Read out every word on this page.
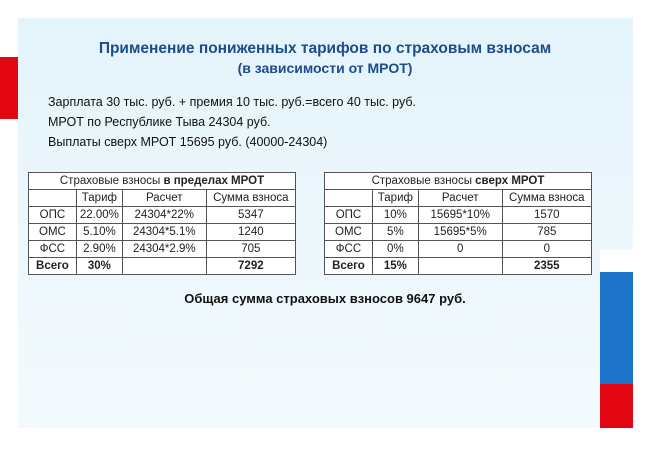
Применение пониженных тарифов по страховым взносам
(в зависимости от МРОТ)
Зарплата 30 тыс. руб. + премия 10 тыс. руб.=всего 40 тыс. руб.
МРОТ по Республике Тыва 24304 руб.
Выплаты сверх МРОТ 15695 руб. (40000-24304)
Страховые взносы в пределах МРОТ			
	Тариф	Расчет	Сумма взноса
ОПС	22.00%	24304*22%	5347
ОМС	5.10%	24304*5.1%	1240
ФСС	2.90%	24304*2.9%	705
Всего	30%		7292
Страховые взносы сверх МРОТ			
	Тариф	Расчет	Сумма взноса
ОПС	10%	15695*10%	1570
ОМС	5%	15695*5%	785
ФСС	0%	0	0
Всего	15%		2355
Общая сумма страховых взносов 9647 руб.
